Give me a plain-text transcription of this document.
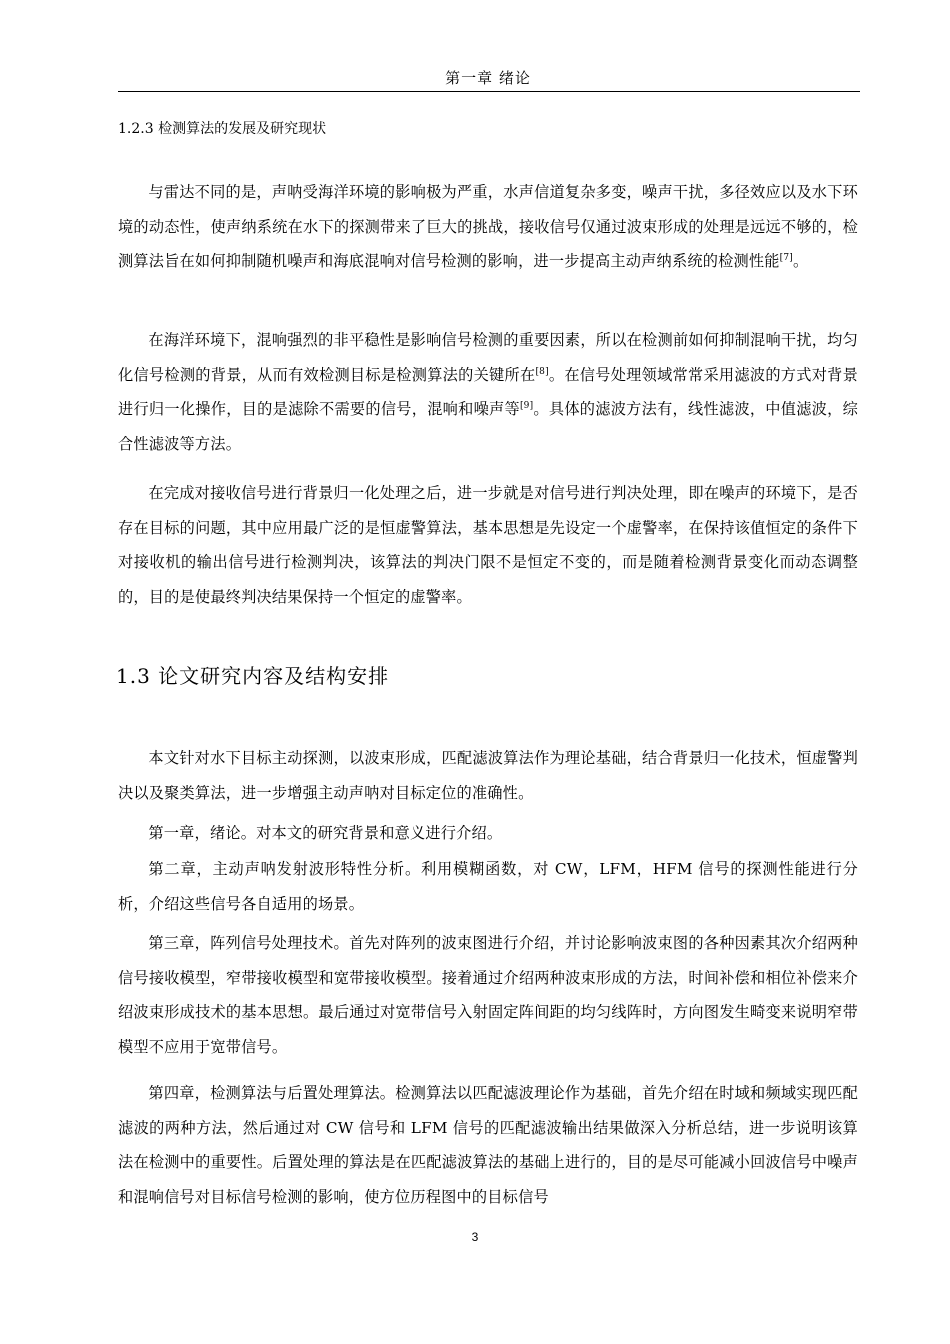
第一章 绪论
1.2.3 检测算法的发展及研究现状

与雷达不同的是，声呐受海洋环境的影响极为严重，水声信道复杂多变，噪声干扰，多径效应以及水下环境的动态性，使声纳系统在水下的探测带来了巨大的挑战，接收信号仅通过波束形成的处理是远远不够的，检测算法旨在如何抑制随机噪声和海底混响对信号检测的影响，进一步提高主动声纳系统的检测性能[7]。

在海洋环境下，混响强烈的非平稳性是影响信号检测的重要因素，所以在检测前如何抑制混响干扰，均匀化信号检测的背景，从而有效检测目标是检测算法的关键所在[8]。在信号处理领域常常采用滤波的方式对背景进行归一化操作，目的是滤除不需要的信号，混响和噪声等[9]。具体的滤波方法有，线性滤波，中值滤波，综合性滤波等方法。

在完成对接收信号进行背景归一化处理之后，进一步就是对信号进行判决处理，即在噪声的环境下，是否存在目标的问题，其中应用最广泛的是恒虚警算法，基本思想是先设定一个虚警率，在保持该值恒定的条件下对接收机的输出信号进行检测判决，该算法的判决门限不是恒定不变的，而是随着检测背景变化而动态调整的，目的是使最终判决结果保持一个恒定的虚警率。

1.3 论文研究内容及结构安排

本文针对水下目标主动探测，以波束形成，匹配滤波算法作为理论基础，结合背景归一化技术，恒虚警判决以及聚类算法，进一步增强主动声呐对目标定位的准确性。

第一章，绪论。对本文的研究背景和意义进行介绍。

第二章，主动声呐发射波形特性分析。利用模糊函数，对 CW，LFM，HFM 信号的探测性能进行分析，介绍这些信号各自适用的场景。

第三章，阵列信号处理技术。首先对阵列的波束图进行介绍，并讨论影响波束图的各种因素其次介绍两种信号接收模型，窄带接收模型和宽带接收模型。接着通过介绍两种波束形成的方法，时间补偿和相位补偿来介绍波束形成技术的基本思想。最后通过对宽带信号入射固定阵间距的均匀线阵时，方向图发生畸变来说明窄带模型不应用于宽带信号。

第四章，检测算法与后置处理算法。检测算法以匹配滤波理论作为基础，首先介绍在时域和频域实现匹配滤波的两种方法，然后通过对 CW 信号和 LFM 信号的匹配滤波输出结果做深入分析总结，进一步说明该算法在检测中的重要性。后置处理的算法是在匹配滤波算法的基础上进行的，目的是尽可能减小回波信号中噪声和混响信号对目标信号检测的影响，使方位历程图中的目标信号

3
